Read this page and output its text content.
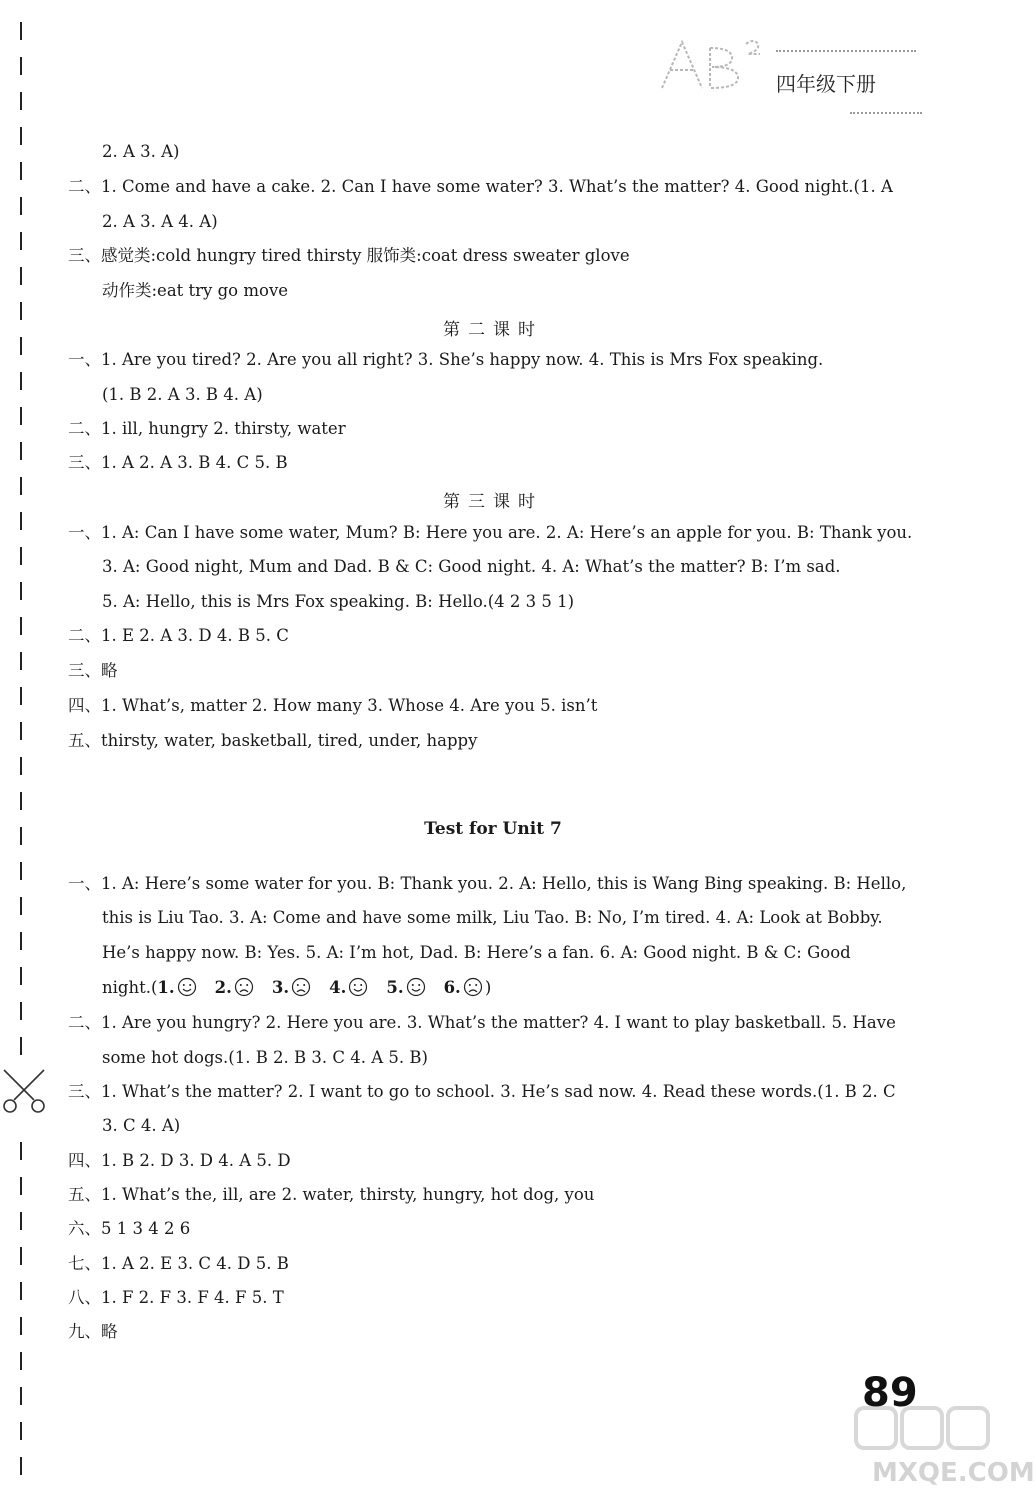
四年级下册
2. A 3. A)
二、1. Come and have a cake. 2. Can I have some water? 3. What’s the matter? 4. Good night.(1. A
2. A 3. A 4. A)
三、感觉类:cold hungry tired thirsty 服饰类:coat dress sweater glove
动作类:eat try go move
第二课时
一、1. Are you tired? 2. Are you all right? 3. She’s happy now. 4. This is Mrs Fox speaking.
(1. B 2. A 3. B 4. A)
二、1. ill, hungry 2. thirsty, water
三、1. A 2. A 3. B 4. C 5. B
第三课时
一、1. A: Can I have some water, Mum? B: Here you are. 2. A: Here’s an apple for you. B: Thank you.
3. A: Good night, Mum and Dad. B & C: Good night. 4. A: What’s the matter? B: I’m sad.
5. A: Hello, this is Mrs Fox speaking. B: Hello.(4 2 3 5 1)
二、1. E 2. A 3. D 4. B 5. C
三、略
四、1. What’s, matter 2. How many 3. Whose 4. Are you 5. isn’t
五、thirsty, water, basketball, tired, under, happy
Test for Unit 7
一、1. A: Here’s some water for you. B: Thank you. 2. A: Hello, this is Wang Bing speaking. B: Hello,
this is Liu Tao. 3. A: Come and have some milk, Liu Tao. B: No, I’m tired. 4. A: Look at Bobby.
He’s happy now. B: Yes. 5. A: I’m hot, Dad. B: Here’s a fan. 6. A: Good night. B & C: Good
night.(1. 2. 3. 4. 5. 6. )
二、1. Are you hungry? 2. Here you are. 3. What’s the matter? 4. I want to play basketball. 5. Have
some hot dogs.(1. B 2. B 3. C 4. A 5. B)
三、1. What’s the matter? 2. I want to go to school. 3. He’s sad now. 4. Read these words.(1. B 2. C
3. C 4. A)
四、1. B 2. D 3. D 4. A 5. D
五、1. What’s the, ill, are 2. water, thirsty, hungry, hot dog, you
六、5 1 3 4 2 6
七、1. A 2. E 3. C 4. D 5. B
八、1. F 2. F 3. F 4. F 5. T
九、略
89
MXQE.COM
